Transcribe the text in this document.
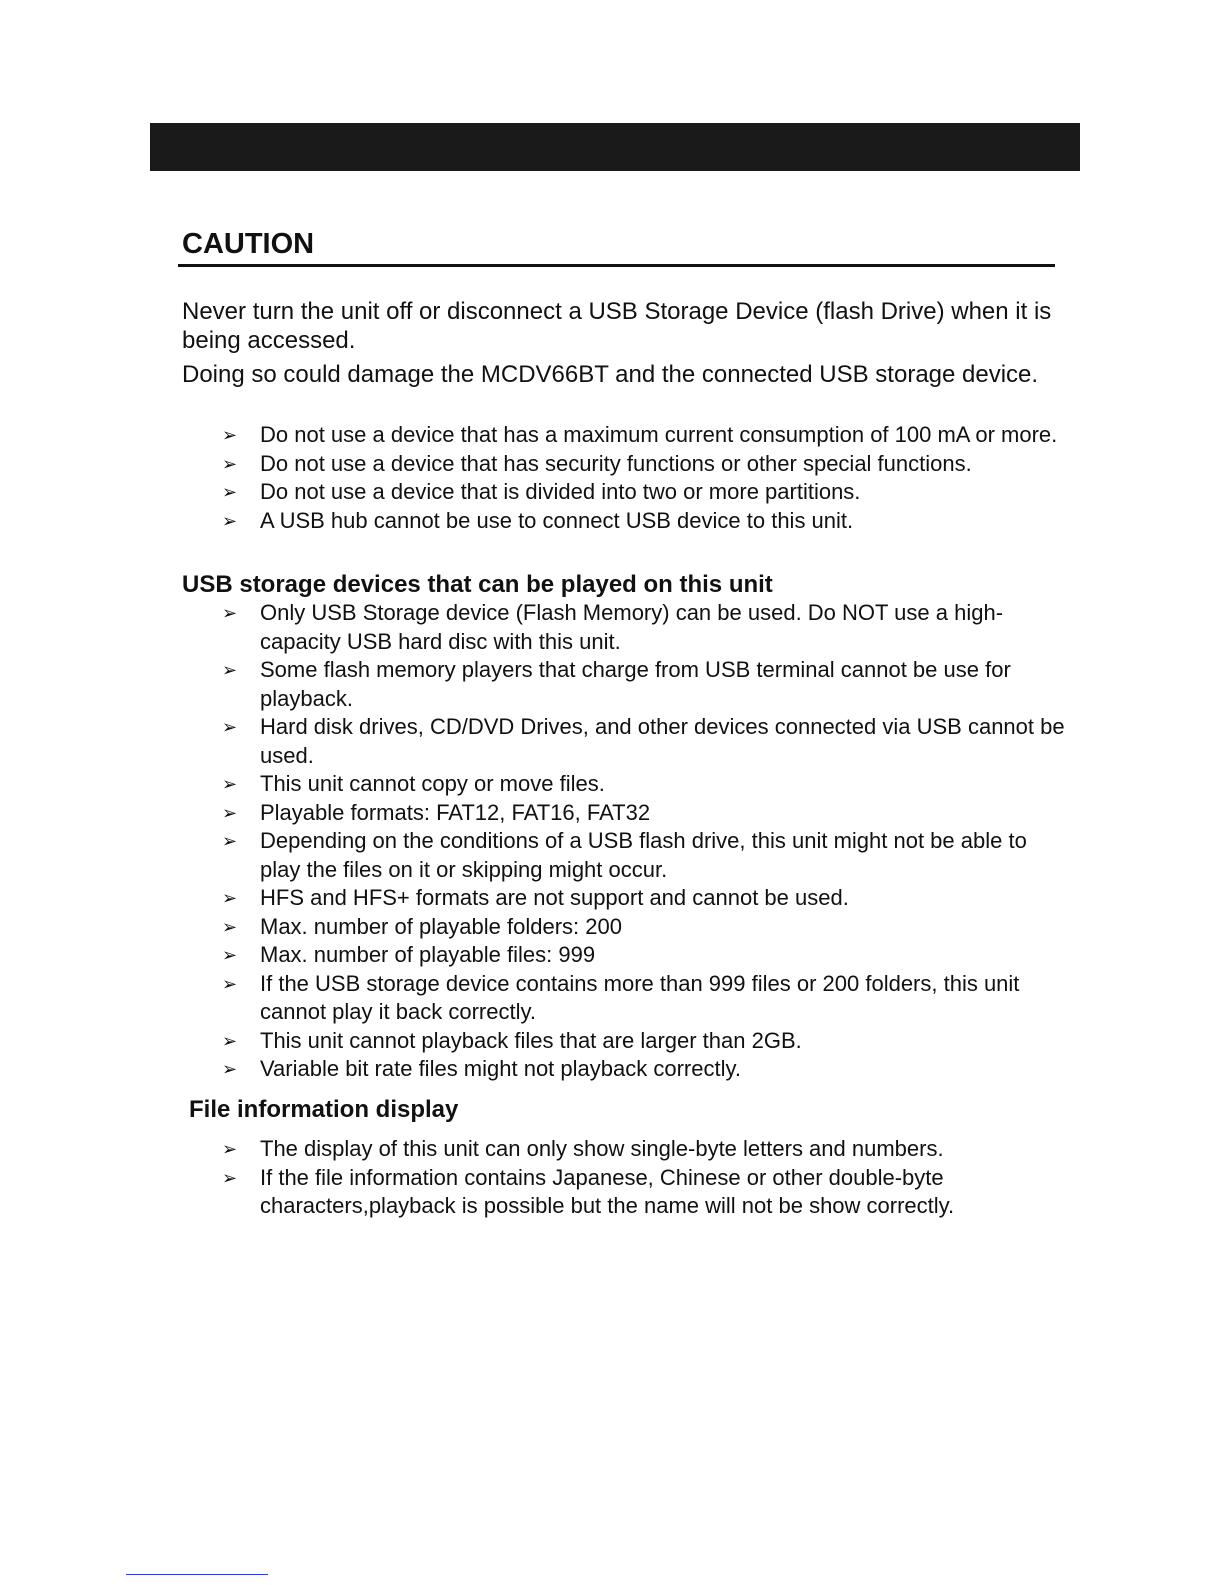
CAUTION

Never turn the unit off or disconnect a USB Storage Device (flash Drive) when it is being accessed.

Doing so could damage the MCDV66BT and the connected USB storage device.

➢	Do not use a device that has a maximum current consumption of 100 mA or more.
➢	Do not use a device that has security functions or other special functions.
➢	Do not use a device that is divided into two or more partitions.
➢	A USB hub cannot be use to connect USB device to this unit.
USB storage devices that can be played on this unit
➢	Only USB Storage device (Flash Memory) can be used. Do NOT use a high-capacity USB hard disc with this unit.
➢	Some flash memory players that charge from USB terminal cannot be use for playback.
➢	Hard disk drives, CD/DVD Drives, and other devices connected via USB cannot be used.
➢	This unit cannot copy or move files.
➢	Playable formats: FAT12, FAT16, FAT32
➢	Depending on the conditions of a USB flash drive, this unit might not be able to play the files on it or skipping might occur.
➢	HFS and HFS+ formats are not support and cannot be used.
➢	Max. number of playable folders: 200
➢	Max. number of playable files: 999
➢	If the USB storage device contains more than 999 files or 200 folders, this unit cannot play it back correctly.
➢	This unit cannot playback files that are larger than 2GB.
➢	Variable bit rate files might not playback correctly.
File information display
➢	The display of this unit can only show single-byte letters and numbers.
➢	If the file information contains Japanese, Chinese or other double-byte characters,playback is possible but the name will not be show correctly.
